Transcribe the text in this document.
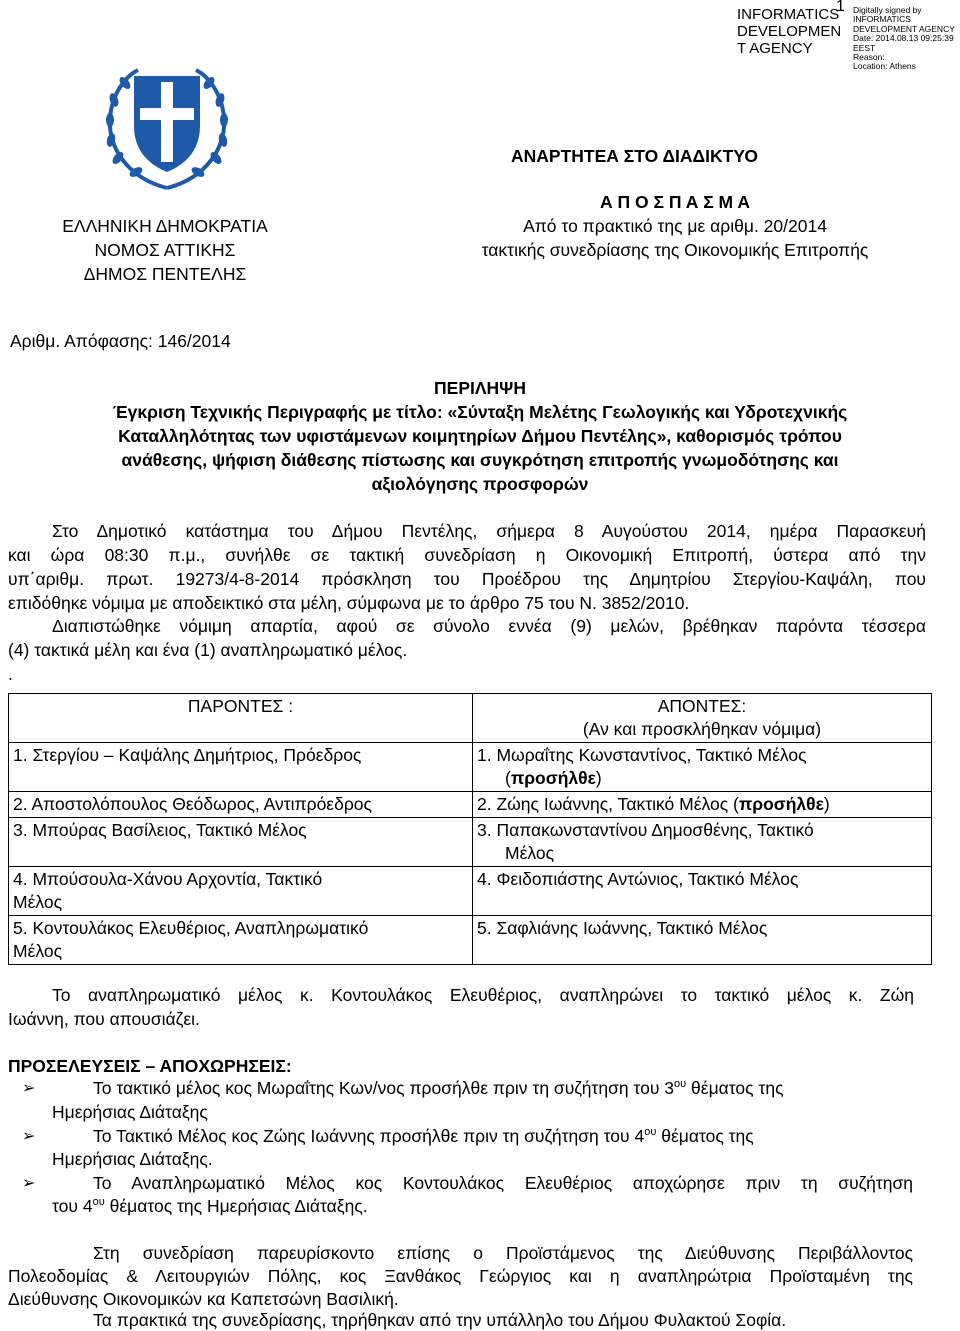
1
INFORMATICS
DEVELOPMEN
T AGENCY
Digitally signed by
INFORMATICS
DEVELOPMENT AGENCY
Date: 2014.08.13 09:25:39
EEST
Reason:
Location: Athens
ΑΝΑΡΤΗΤΕΑ ΣΤΟ ΔΙΑΔΙΚΤΥΟ
Α Π Ο Σ Π Α Σ Μ Α
Από το πρακτικό της με αριθμ. 20/2014
τακτικής συνεδρίασης της Οικονομικής Επιτροπής
ΕΛΛΗΝΙΚΗ ΔΗΜΟΚΡΑΤΙΑ
ΝΟΜΟΣ ΑΤΤΙΚΗΣ
ΔΗΜΟΣ ΠΕΝΤΕΛΗΣ
Αριθμ. Απόφασης: 146/2014
ΠΕΡΙΛΗΨΗ
Έγκριση Τεχνικής Περιγραφής με τίτλο: «Σύνταξη Μελέτης Γεωλογικής και Υδροτεχνικής
Καταλληλότητας των υφιστάμενων κοιμητηρίων Δήμου Πεντέλης», καθορισμός τρόπου
ανάθεσης, ψήφιση διάθεσης πίστωσης και συγκρότηση επιτροπής γνωμοδότησης και
αξιολόγησης προσφορών
Στο Δημοτικό κατάστημα του Δήμου Πεντέλης, σήμερα 8 Αυγούστου 2014, ημέρα Παρασκευή
και ώρα 08:30 π.μ., συνήλθε σε τακτική συνεδρίαση η Οικονομική Επιτροπή, ύστερα από την
υπ΄αριθμ. πρωτ. 19273/4-8-2014 πρόσκληση του Προέδρου της Δημητρίου Στεργίου-Καψάλη, που
επιδόθηκε νόμιμα με αποδεικτικό στα μέλη, σύμφωνα με το άρθρο 75 του Ν. 3852/2010.
Διαπιστώθηκε νόμιμη απαρτία, αφού σε σύνολο εννέα (9) μελών, βρέθηκαν παρόντα τέσσερα
(4) τακτικά μέλη και ένα (1) αναπληρωματικό μέλος.
.
ΠΑΡΟΝΤΕΣ :	ΑΠΟΝΤΕΣ:
(Αν και προσκλήθηκαν νόμιμα)

1. Στεργίου – Καψάλης Δημήτριος, Πρόεδρος	1. Μωραΐτης Κωνσταντίνος, Τακτικό Μέλος
(προσήλθε)

2. Αποστολόπουλος Θεόδωρος, Αντιπρόεδρος	2. Ζώης Ιωάννης, Τακτικό Μέλος (προσήλθε)
3. Μπούρας Βασίλειος, Τακτικό Μέλος	3. Παπακωνσταντίνου Δημοσθένης, Τακτικό
Μέλος

4. Μπούσουλα-Χάνου Αρχοντία, Τακτικό
Μέλος	4. Φειδοπιάστης Αντώνιος, Τακτικό Μέλος

5. Κοντουλάκος Ελευθέριος, Αναπληρωματικό
Μέλος	5. Σαφλιάνης Ιωάννης, Τακτικό Μέλος
Το αναπληρωματικό μέλος κ. Κοντουλάκος Ελευθέριος, αναπληρώνει το τακτικό μέλος κ. Ζώη
Ιωάννη, που απουσιάζει.
ΠΡΟΣΕΛΕΥΣΕΙΣ – ΑΠΟΧΩΡΗΣΕΙΣ:
➢	Το τακτικό μέλος κος Μωραΐτης Κων/νος προσήλθε πριν τη συζήτηση του $3^{o\upsilon}$ θέματος της
Ημερήσιας Διάταξης
➢	Το Τακτικό Μέλος κος Ζώης Ιωάννης προσήλθε πριν τη συζήτηση του $4^{o\upsilon}$ θέματος της
Ημερήσιας Διάταξης.
➢	Το Αναπληρωματικό Μέλος κος Κοντουλάκος Ελευθέριος αποχώρησε πριν τη συζήτηση
του $4^{o\upsilon}$ θέματος της Ημερήσιας Διάταξης.
Στη συνεδρίαση παρευρίσκοντο επίσης ο Προϊστάμενος της Διεύθυνσης Περιβάλλοντος
Πολεοδομίας & Λειτουργιών Πόλης, κος Ξανθάκος Γεώργιος και η αναπληρώτρια Προϊσταμένη της
Διεύθυνσης Οικονομικών κα Καπετσώνη Βασιλική.
Τα πρακτικά της συνεδρίασης, τηρήθηκαν από την υπάλληλο του Δήμου Φυλακτού Σοφία.
